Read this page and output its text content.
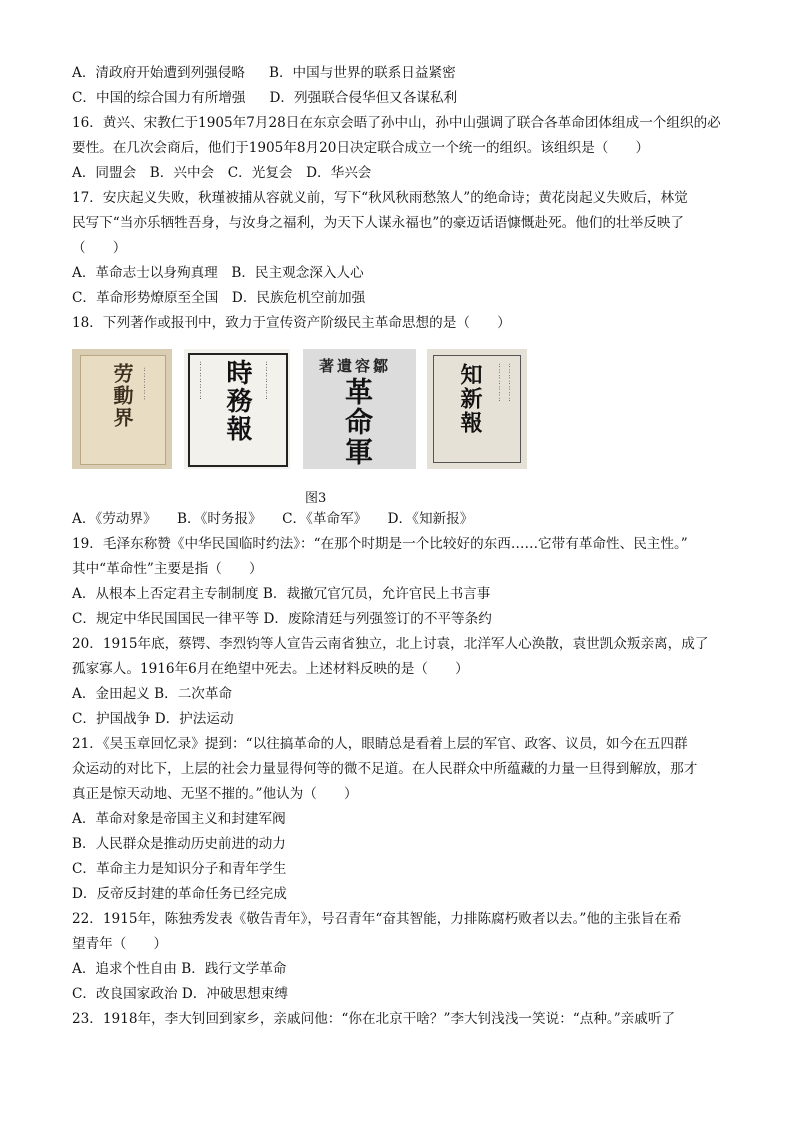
A．清政府开始遭到列强侵略 B．中国与世界的联系日益紧密
C．中国的综合国力有所增强 D．列强联合侵华但又各谋私利
16．黄兴、宋教仁于1905年7月28日在东京会晤了孙中山，孙中山强调了联合各革命团体组成一个组织的必
要性。在几次会商后，他们于1905年8月20日决定联合成立一个统一的组织。该组织是（　　）
A．同盟会　B．兴中会　C．光复会　D．华兴会
17．安庆起义失败，秋瑾被捕从容就义前，写下“秋风秋雨愁煞人”的绝命诗；黄花岗起义失败后，林觉
民写下“当亦乐牺牲吾身，与汝身之福利，为天下人谋永福也”的豪迈话语慷慨赴死。他们的壮举反映了
（　　）
A．革命志士以身殉真理　B．民主观念深入人心
C．革命形势燎原至全国　D．民族危机空前加强
18．下列著作或报刊中，致力于宣传资产阶级民主革命思想的是（　　）
劳動界	‥‥‥‥‥‥	時務報
‥‥‥‥‥‥‥	‥‥‥‥‥‥‥	著遺容鄒
革命軍	知新報 ‥‥‥‥‥‥‥ ‥‥‥‥‥‥‥
图3
A．《劳动界》　　B．《时务报》　　C．《革命军》　　D．《知新报》
19．毛泽东称赞《中华民国临时约法》：“在那个时期是一个比较好的东西……它带有革命性、民主性。”
其中“革命性”主要是指（　　）
A．从根本上否定君主专制制度 B．裁撤冗官冗员，允许官民上书言事
C．规定中华民国国民一律平等 D．废除清廷与列强签订的不平等条约
20．1915年底，蔡锷、李烈钧等人宣告云南省独立，北上讨袁，北洋军人心涣散，袁世凯众叛亲离，成了
孤家寡人。1916年6月在绝望中死去。上述材料反映的是（　　）
A．金田起义 B．二次革命
C．护国战争 D．护法运动
21．《吴玉章回忆录》提到：“以往搞革命的人，眼睛总是看着上层的军官、政客、议员，如今在五四群
众运动的对比下，上层的社会力量显得何等的微不足道。在人民群众中所蕴藏的力量一旦得到解放，那才
真正是惊天动地、无坚不摧的。”他认为（　　）
A．革命对象是帝国主义和封建军阀
B．人民群众是推动历史前进的动力
C．革命主力是知识分子和青年学生
D．反帝反封建的革命任务已经完成
22．1915年，陈独秀发表《敬告青年》，号召青年“奋其智能，力排陈腐朽败者以去。”他的主张旨在希
望青年（　　）
A．追求个性自由 B．践行文学革命
C．改良国家政治 D．冲破思想束缚
23．1918年，李大钊回到家乡，亲戚问他：“你在北京干啥？”李大钊浅浅一笑说：“点种。”亲戚听了
